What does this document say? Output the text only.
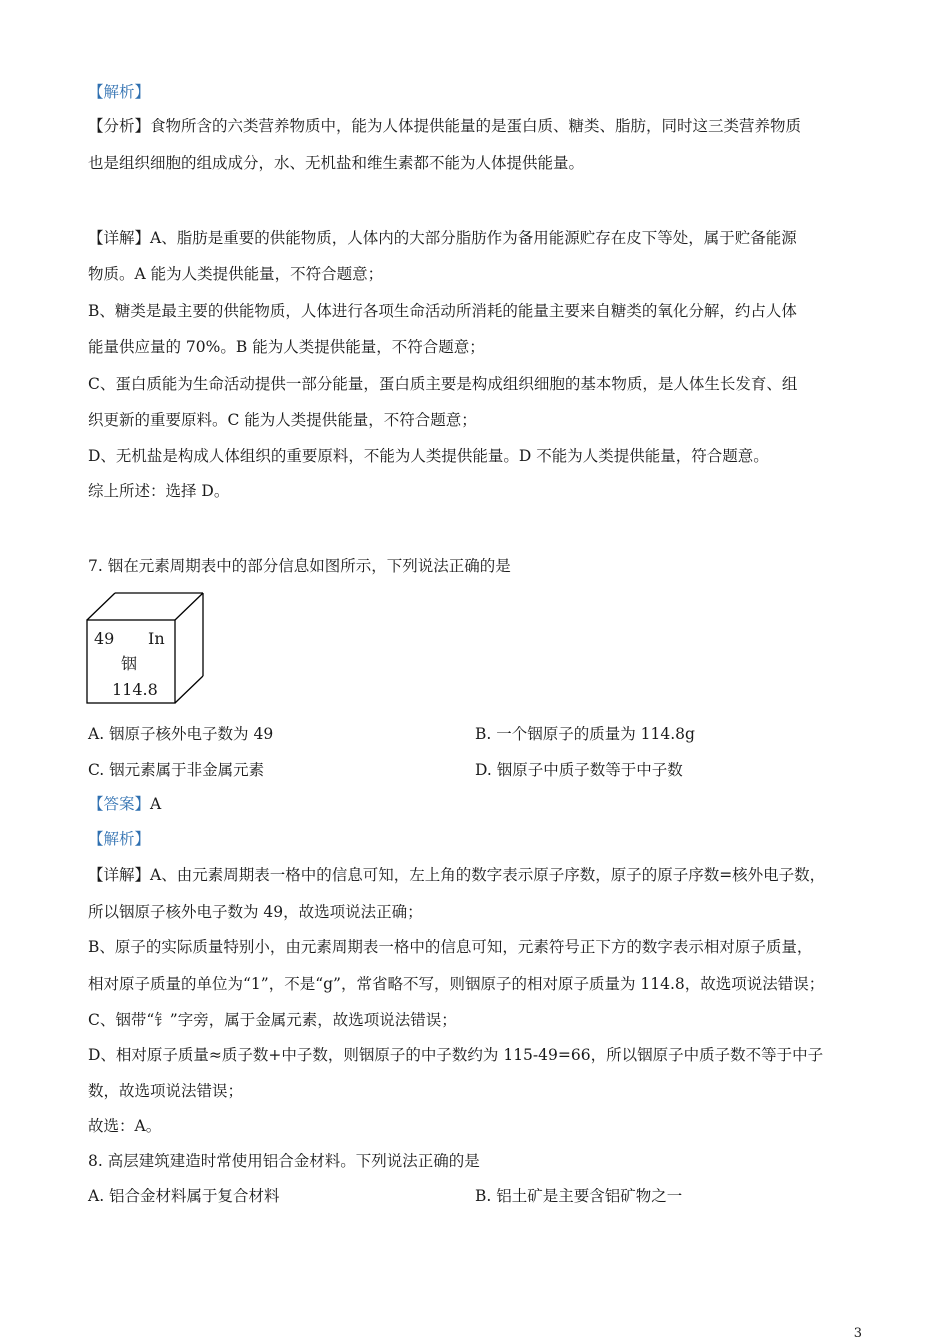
【解析】
【分析】食物所含的六类营养物质中，能为人体提供能量的是蛋白质、糖类、脂肪，同时这三类营养物质
也是组织细胞的组成成分，水、无机盐和维生素都不能为人体提供能量。
【详解】A、脂肪是重要的供能物质，人体内的大部分脂肪作为备用能源贮存在皮下等处，属于贮备能源
物质。A 能为人类提供能量，不符合题意；
B、糖类是最主要的供能物质，人体进行各项生命活动所消耗的能量主要来自糖类的氧化分解，约占人体
能量供应量的 70%。B 能为人类提供能量，不符合题意；
C、蛋白质能为生命活动提供一部分能量，蛋白质主要是构成组织细胞的基本物质，是人体生长发育、组
织更新的重要原料。C 能为人类提供能量，不符合题意；
D、无机盐是构成人体组织的重要原料，不能为人类提供能量。D 不能为人类提供能量，符合题意。
综上所述：选择 D。
7. 铟在元素周期表中的部分信息如图所示，下列说法正确的是
49 In
铟
114.8
A. 铟原子核外电子数为 49	B. 一个铟原子的质量为 114.8g
C. 铟元素属于非金属元素	D. 铟原子中质子数等于中子数
【答案】A
【解析】
【详解】A、由元素周期表一格中的信息可知，左上角的数字表示原子序数，原子的原子序数=核外电子数，
所以铟原子核外电子数为 49，故选项说法正确；
B、原子的实际质量特别小，由元素周期表一格中的信息可知，元素符号正下方的数字表示相对原子质量，
相对原子质量的单位为“1”，不是“g”，常省略不写，则铟原子的相对原子质量为 114.8，故选项说法错误；
C、铟带“钅”字旁，属于金属元素，故选项说法错误；
D、相对原子质量≈质子数+中子数，则铟原子的中子数约为 115-49=66，所以铟原子中质子数不等于中子
数，故选项说法错误；
故选：A。
8. 高层建筑建造时常使用铝合金材料。下列说法正确的是
A. 铝合金材料属于复合材料	B. 铝土矿是主要含铝矿物之一
3
